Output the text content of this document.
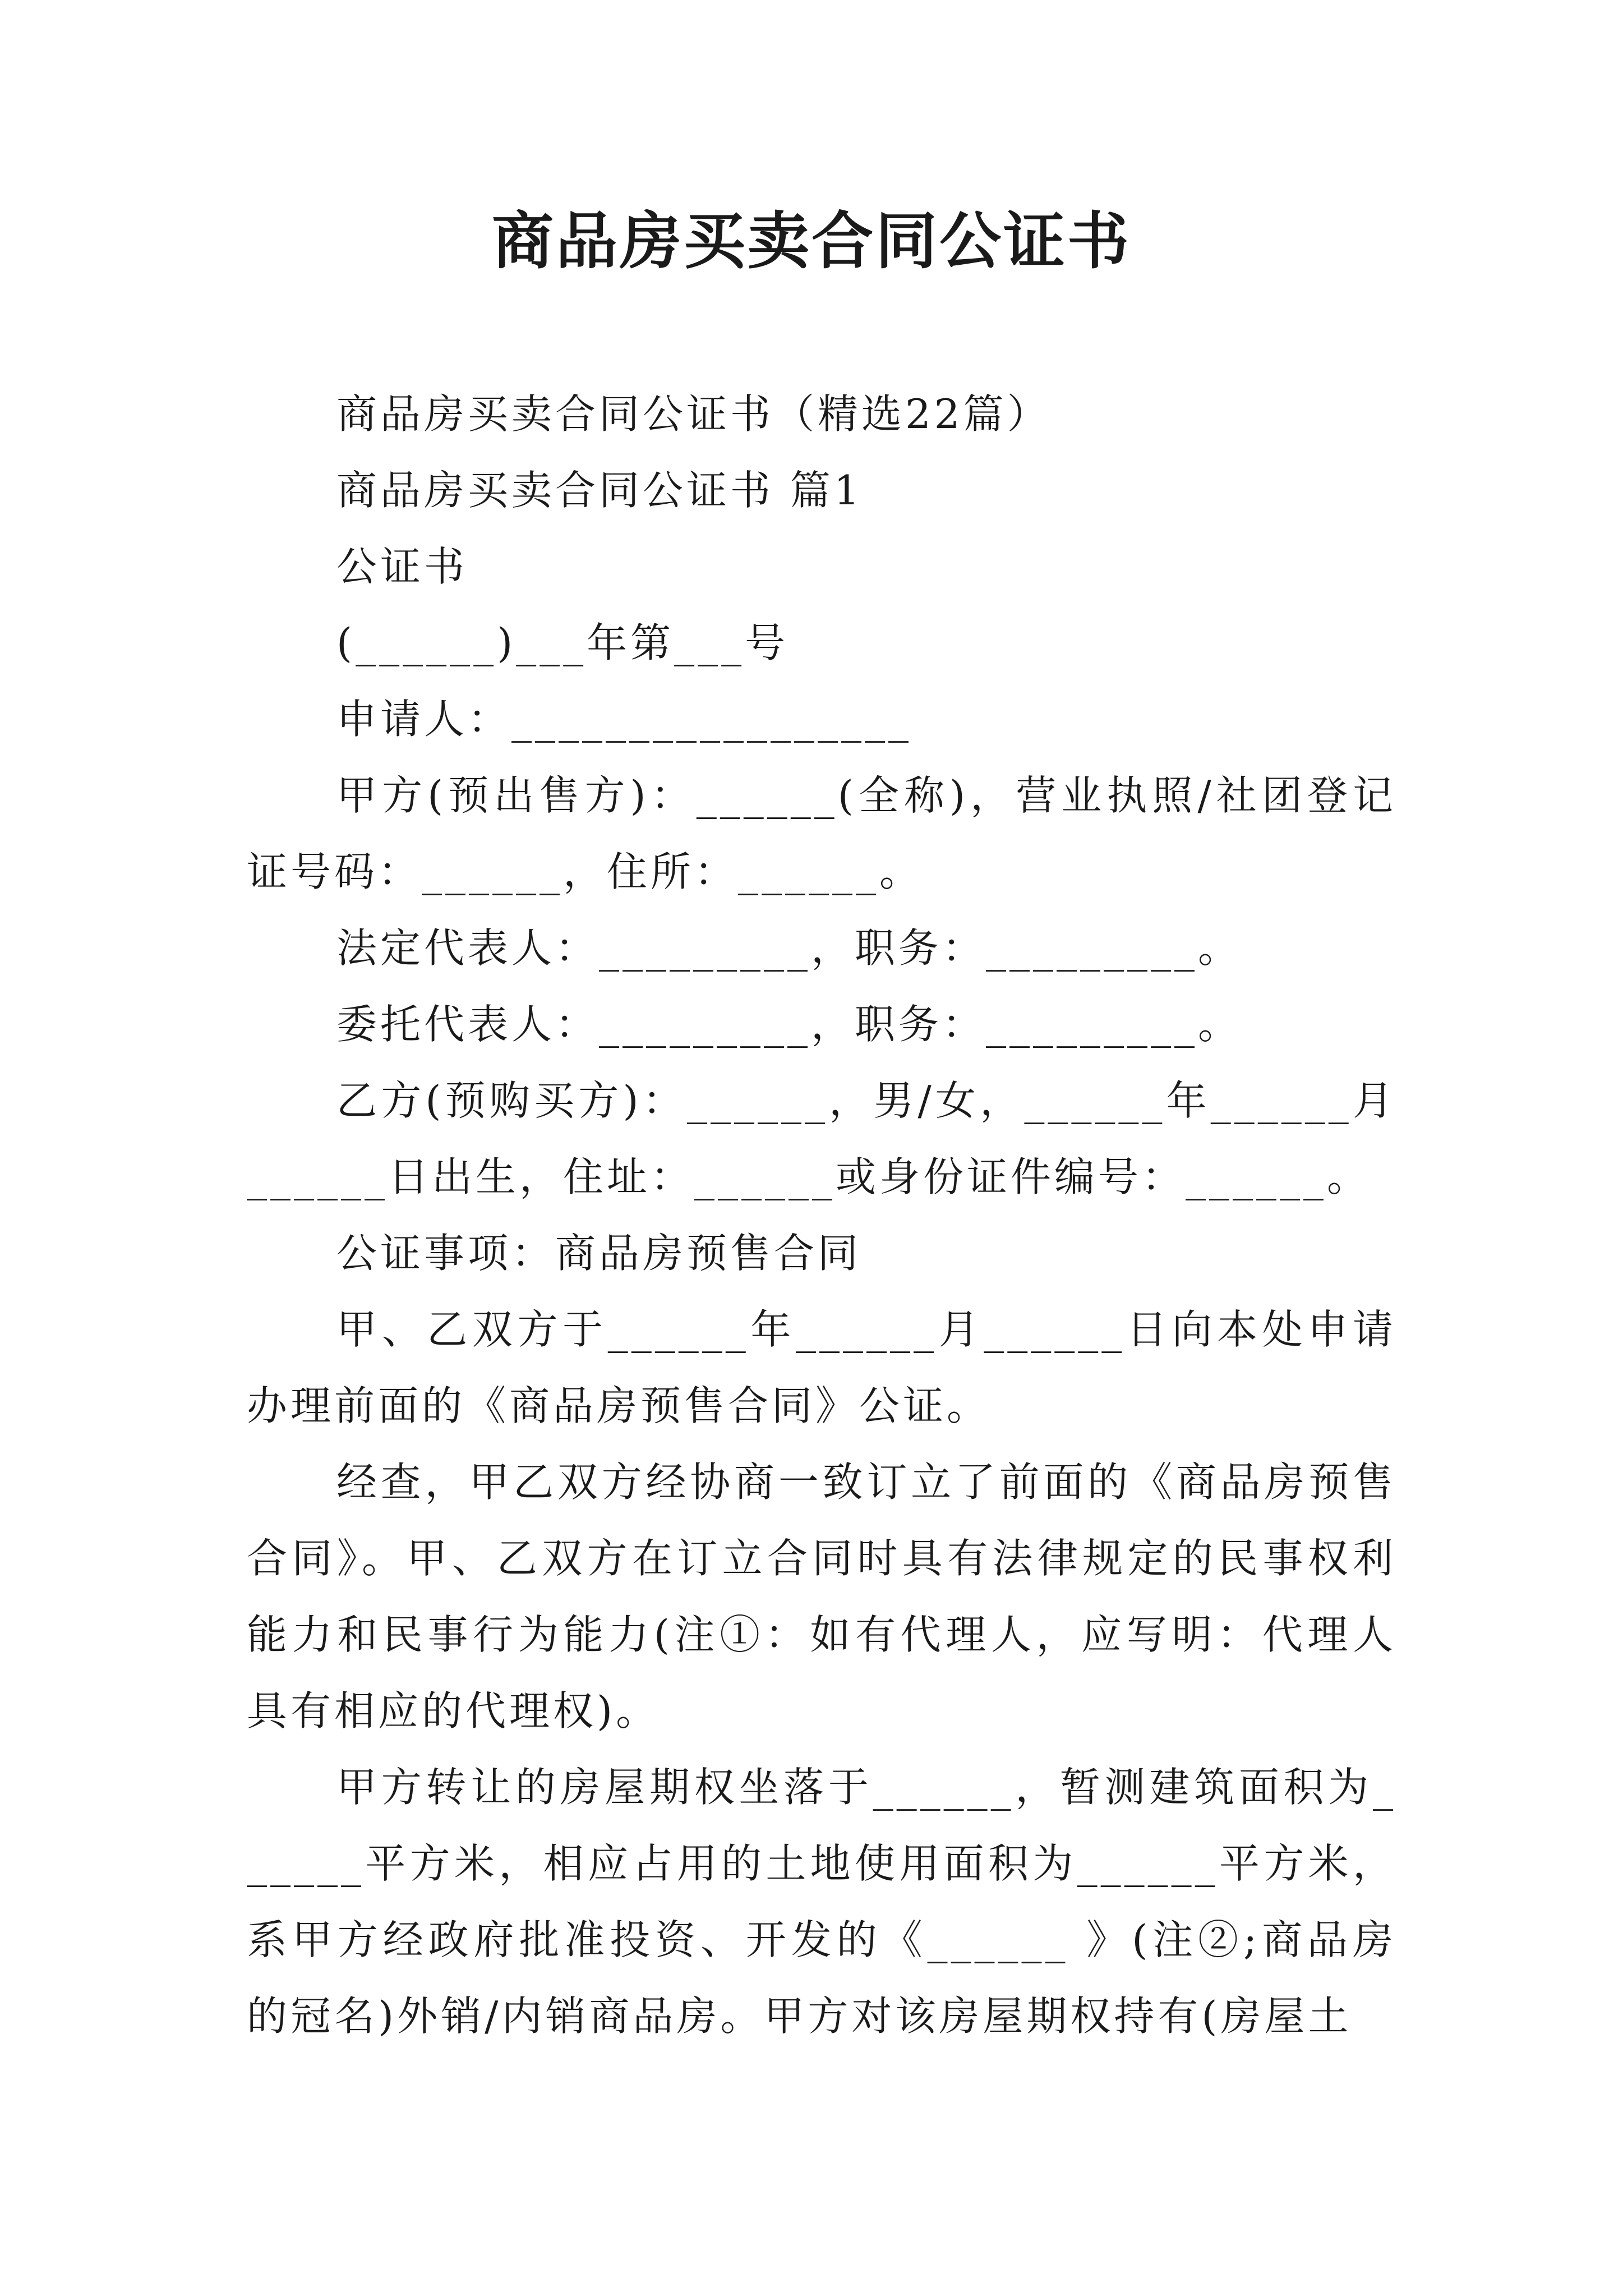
商品房买卖合同公证书

商品房买卖合同公证书（精选22篇）

商品房买卖合同公证书 篇1

公证书

(______)___年第___号

申请人：_________________

甲方(预出售方)：______(全称)，营业执照/社团登记证号码：______，住所：______。

法定代表人：_________，职务：_________。

委托代表人：_________，职务：_________。

乙方(预购买方)：______，男/女，______年______月______日出生，住址：______或身份证件编号：______。

公证事项：商品房预售合同

甲、乙双方于______年______月______日向本处申请办理前面的《商品房预售合同》公证。

经查，甲乙双方经协商一致订立了前面的《商品房预售合同》。甲、乙双方在订立合同时具有法律规定的民事权利能力和民事行为能力(注①：如有代理人，应写明：代理人具有相应的代理权)。

甲方转让的房屋期权坐落于______，暂测建筑面积为______平方米，相应占用的土地使用面积为______平方米，系甲方经政府批准投资、开发的《______ 》(注②;商品房的冠名)外销/内销商品房。甲方对该房屋期权持有(房屋土
